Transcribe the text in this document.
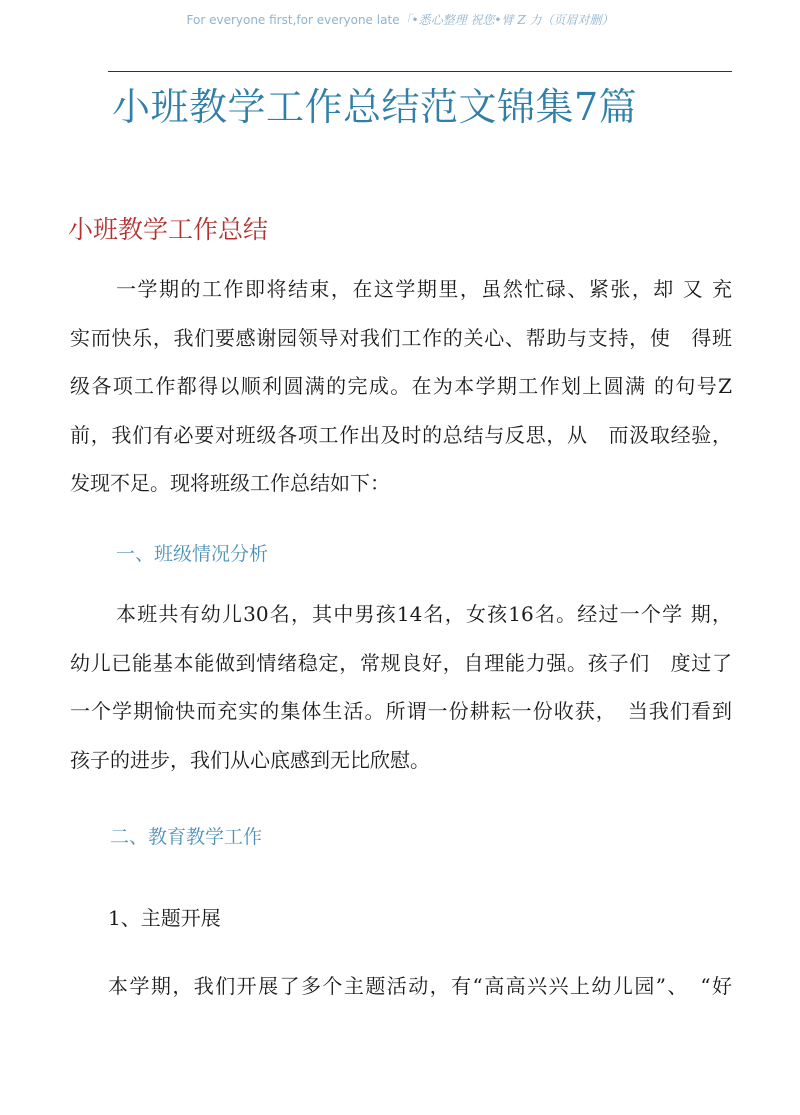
For everyone first,for everyone late「•悉心整理 祝您•臂 Z 力（页眉对删）
小班教学工作总结范文锦集7篇
小班教学工作总结

一学期的工作即将结束，在这学期里，虽然忙碌、紧张，却 又 充
实而快乐，我们要感谢园领导对我们工作的关心、帮助与支持，使　得班
级各项工作都得以顺利圆满的完成。在为本学期工作划上圆满 的句号Z
前，我们有必要对班级各项工作出及时的总结与反思，从　而汲取经验，
发现不足。现将班级工作总结如下：

一、班级情况分析

本班共有幼儿30名，其中男孩14名，女孩16名。经过一个学 期，
幼儿已能基本能做到情绪稳定，常规良好，自理能力强。孩子们　度过了
一个学期愉快而充实的集体生活。所谓一份耕耘一份收获，　当我们看到
孩子的进步，我们从心底感到无比欣慰。

二、教育教学工作
1、主题开展

本学期，我们开展了多个主题活动，有“高高兴兴上幼儿园”、　“好
